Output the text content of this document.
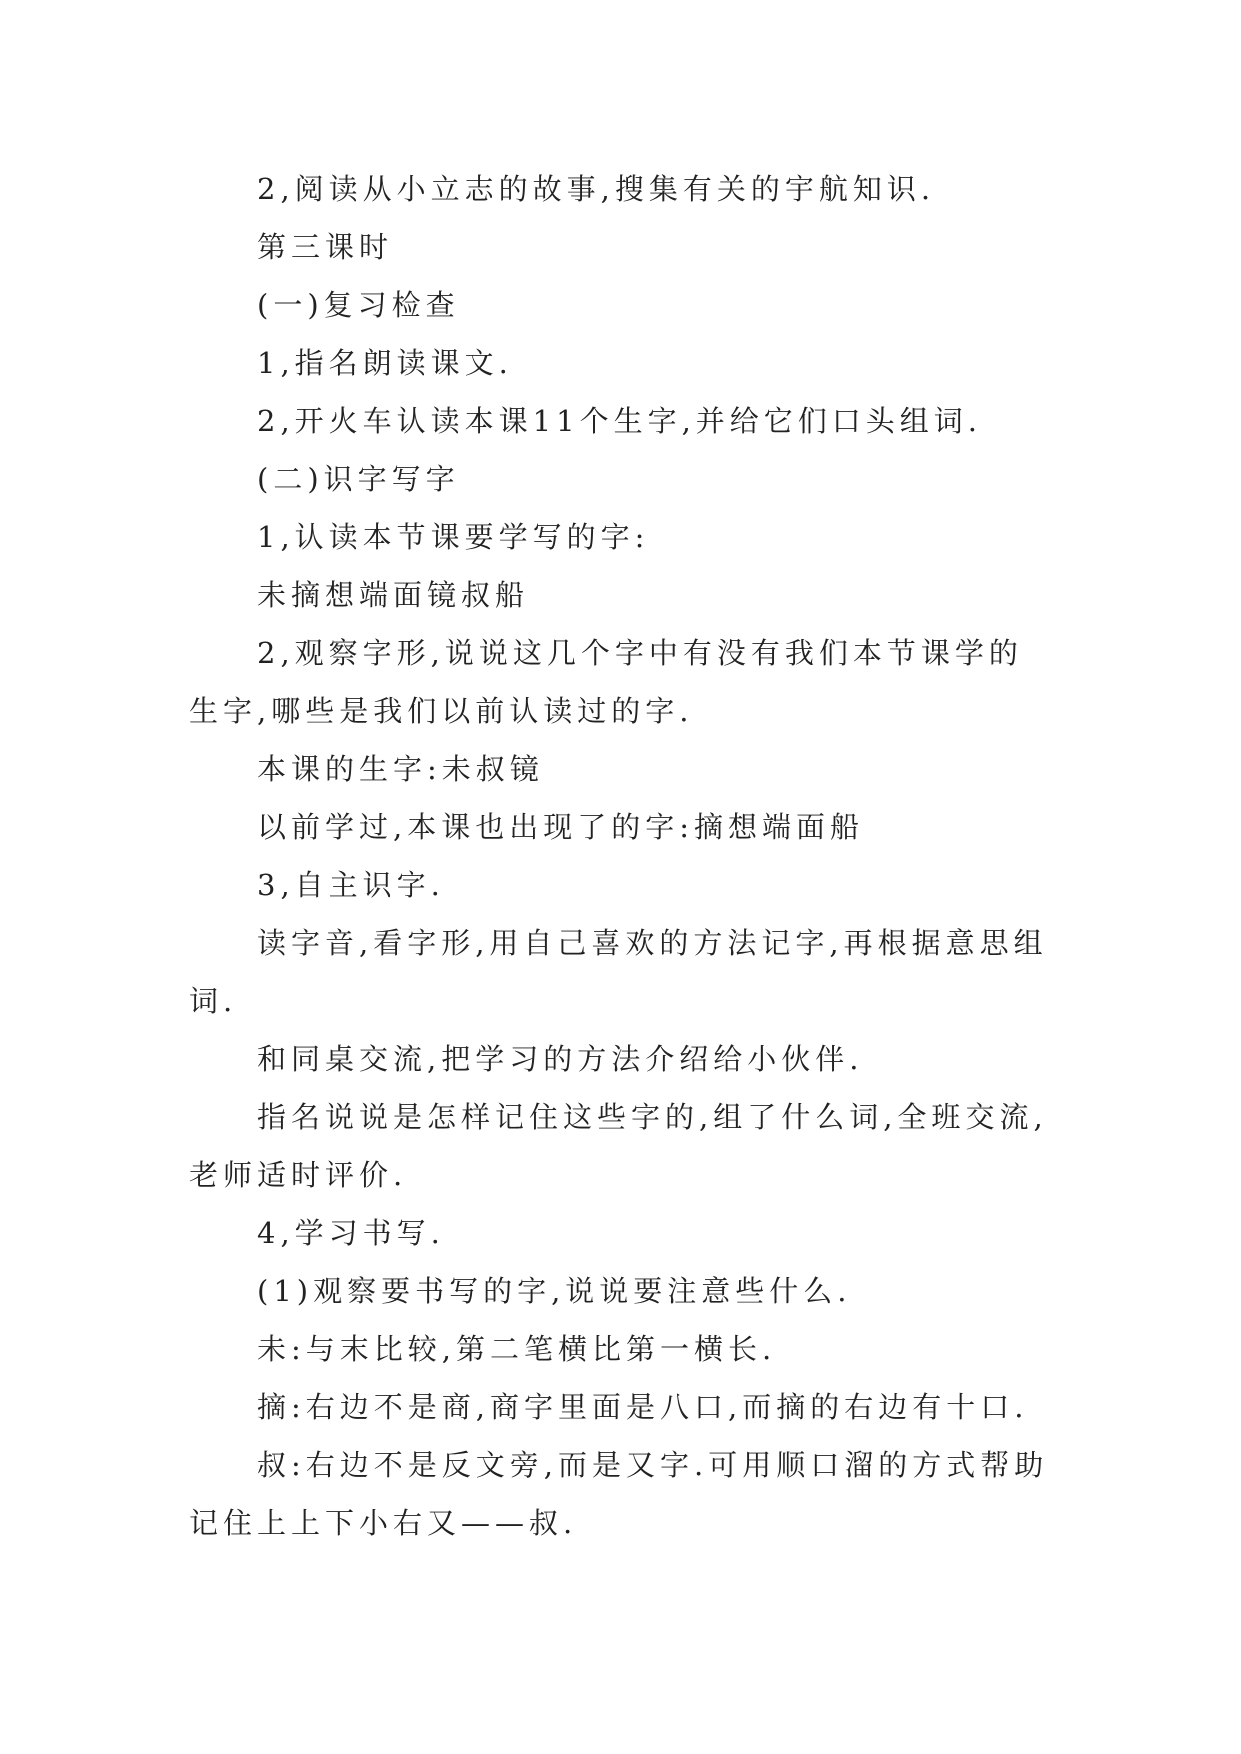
2,阅读从小立志的故事,搜集有关的宇航知识.

第三课时

(一)复习检查

1,指名朗读课文.

2,开火车认读本课11个生字,并给它们口头组词.

(二)识字写字

1,认读本节课要学写的字:

未摘想端面镜叔船

2,观察字形,说说这几个字中有没有我们本节课学的生字,哪些是我们以前认读过的字.

本课的生字:未叔镜

以前学过,本课也出现了的字:摘想端面船

3,自主识字.

读字音,看字形,用自己喜欢的方法记字,再根据意思组词.

和同桌交流,把学习的方法介绍给小伙伴.

指名说说是怎样记住这些字的,组了什么词,全班交流,老师适时评价.

4,学习书写.

(1)观察要书写的字,说说要注意些什么.

未:与末比较,第二笔横比第一横长.

摘:右边不是商,商字里面是八口,而摘的右边有十口.

叔:右边不是反文旁,而是又字.可用顺口溜的方式帮助记住上上下小右又——叔.
